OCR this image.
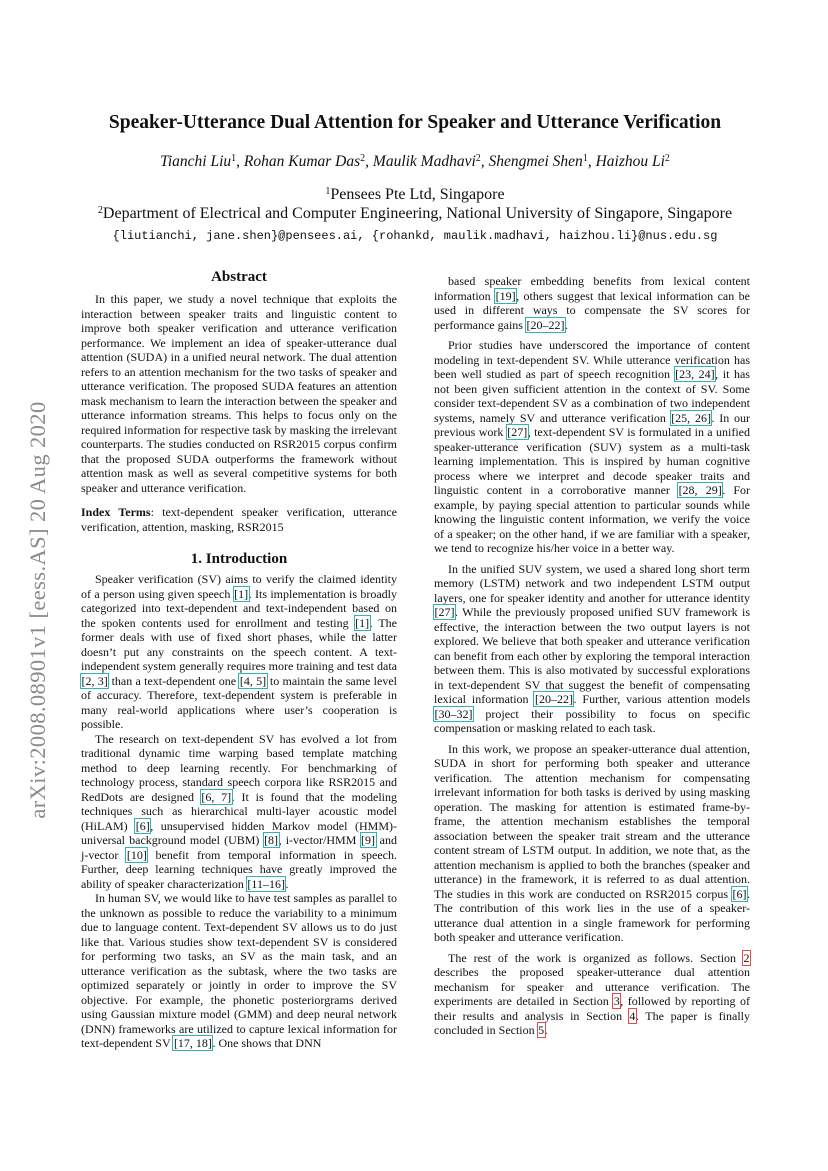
arXiv:2008.08901v1 [eess.AS] 20 Aug 2020
Speaker-Utterance Dual Attention for Speaker and Utterance Verification
Tianchi Liu$^1$, Rohan Kumar Das$^2$, Maulik Madhavi$^2$, Shengmei Shen$^1$, Haizhou Li$^2$
$^1$Pensees Pte Ltd, Singapore
$^2$Department of Electrical and Computer Engineering, National University of Singapore, Singapore
{liutianchi, jane.shen}@pensees.ai, {rohankd, maulik.madhavi, haizhou.li}@nus.edu.sg
Abstract

In this paper, we study a novel technique that exploits the interaction between speaker traits and linguistic content to improve both speaker verification and utterance verification performance. We implement an idea of speaker-utterance dual attention (SUDA) in a unified neural network. The dual attention refers to an attention mechanism for the two tasks of speaker and utterance verification. The proposed SUDA features an attention mask mechanism to learn the interaction between the speaker and utterance information streams. This helps to focus only on the required information for respective task by masking the irrelevant counterparts. The studies conducted on RSR2015 corpus confirm that the proposed SUDA outperforms the framework without attention mask as well as several competitive systems for both speaker and utterance verification.

Index Terms: text-dependent speaker verification, utterance verification, attention, masking, RSR2015

1. Introduction

Speaker verification (SV) aims to verify the claimed identity of a person using given speech [1]. Its implementation is broadly categorized into text-dependent and text-independent based on the spoken contents used for enrollment and testing [1]. The former deals with use of fixed short phases, while the latter doesn’t put any constraints on the speech content. A text-independent system generally requires more training and test data [2, 3] than a text-dependent one [4, 5] to maintain the same level of accuracy. Therefore, text-dependent system is preferable in many real-world applications where user’s cooperation is possible.

The research on text-dependent SV has evolved a lot from traditional dynamic time warping based template matching method to deep learning recently. For benchmarking of technology process, standard speech corpora like RSR2015 and RedDots are designed [6, 7]. It is found that the modeling techniques such as hierarchical multi-layer acoustic model (HiLAM) [6], unsupervised hidden Markov model (HMM)-universal background model (UBM) [8], i-vector/HMM [9] and j-vector [10] benefit from temporal information in speech. Further, deep learning techniques have greatly improved the ability of speaker characterization [11–16].

In human SV, we would like to have test samples as parallel to the unknown as possible to reduce the variability to a minimum due to language content. Text-dependent SV allows us to do just like that. Various studies show text-dependent SV is considered for performing two tasks, an SV as the main task, and an utterance verification as the subtask, where the two tasks are optimized separately or jointly in order to improve the SV objective. For example, the phonetic posteriorgrams derived using Gaussian mixture model (GMM) and deep neural network (DNN) frameworks are utilized to capture lexical information for text-dependent SV [17, 18]. One shows that DNN

based speaker embedding benefits from lexical content information [19], others suggest that lexical information can be used in different ways to compensate the SV scores for performance gains [20–22].

Prior studies have underscored the importance of content modeling in text-dependent SV. While utterance verification has been well studied as part of speech recognition [23, 24], it has not been given sufficient attention in the context of SV. Some consider text-dependent SV as a combination of two independent systems, namely SV and utterance verification [25, 26]. In our previous work [27], text-dependent SV is formulated in a unified speaker-utterance verification (SUV) system as a multi-task learning implementation. This is inspired by human cognitive process where we interpret and decode speaker traits and linguistic content in a corroborative manner [28, 29]. For example, by paying special attention to particular sounds while knowing the linguistic content information, we verify the voice of a speaker; on the other hand, if we are familiar with a speaker, we tend to recognize his/her voice in a better way.

In the unified SUV system, we used a shared long short term memory (LSTM) network and two independent LSTM output layers, one for speaker identity and another for utterance identity [27]. While the previously proposed unified SUV framework is effective, the interaction between the two output layers is not explored. We believe that both speaker and utterance verification can benefit from each other by exploring the temporal interaction between them. This is also motivated by successful explorations in text-dependent SV that suggest the benefit of compensating lexical information [20–22]. Further, various attention models [30–32] project their possibility to focus on specific compensation or masking related to each task.

In this work, we propose an speaker-utterance dual attention, SUDA in short for performing both speaker and utterance verification. The attention mechanism for compensating irrelevant information for both tasks is derived by using masking operation. The masking for attention is estimated frame-by-frame, the attention mechanism establishes the temporal association between the speaker trait stream and the utterance content stream of LSTM output. In addition, we note that, as the attention mechanism is applied to both the branches (speaker and utterance) in the framework, it is referred to as dual attention. The studies in this work are conducted on RSR2015 corpus [6]. The contribution of this work lies in the use of a speaker-utterance dual attention in a single framework for performing both speaker and utterance verification.

The rest of the work is organized as follows. Section 2 describes the proposed speaker-utterance dual attention mechanism for speaker and utterance verification. The experiments are detailed in Section 3, followed by reporting of their results and analysis in Section 4. The paper is finally concluded in Section 5.
